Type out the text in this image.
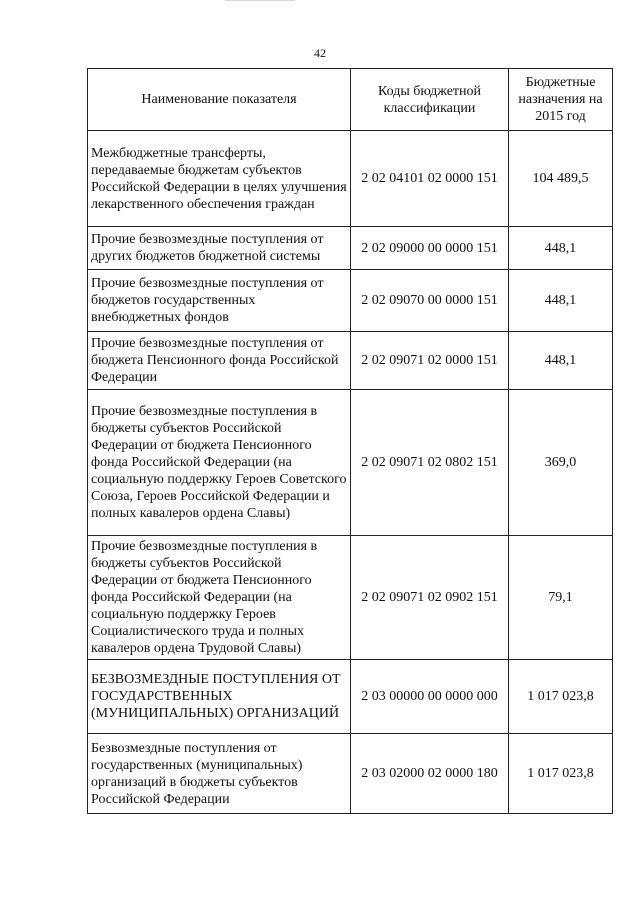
42
Наименование показателя	Коды бюджетной классификации	Бюджетные назначения на 2015 год
Межбюджетные трансферты, передаваемые бюджетам субъектов Российской Федерации в целях улучшения лекарственного обеспечения граждан	2 02 04101 02 0000 151	104 489,5
Прочие безвозмездные поступления от других бюджетов бюджетной системы	2 02 09000 00 0000 151	448,1
Прочие безвозмездные поступления от бюджетов государственных внебюджетных фондов	2 02 09070 00 0000 151	448,1
Прочие безвозмездные поступления от бюджета Пенсионного фонда Российской Федерации	2 02 09071 02 0000 151	448,1
Прочие безвозмездные поступления в бюджеты субъектов Российской Федерации от бюджета Пенсионного фонда Российской Федерации (на социальную поддержку Героев Советского Союза, Героев Российской Федерации и полных кавалеров ордена Славы)	2 02 09071 02 0802 151	369,0
Прочие безвозмездные поступления в бюджеты субъектов Российской Федерации от бюджета Пенсионного фонда Российской Федерации (на социальную поддержку Героев Социалистического труда и полных кавалеров ордена Трудовой Славы)	2 02 09071 02 0902 151	79,1
БЕЗВОЗМЕЗДНЫЕ ПОСТУПЛЕНИЯ ОТ ГОСУДАРСТВЕННЫХ (МУНИЦИПАЛЬНЫХ) ОРГАНИЗАЦИЙ	2 03 00000 00 0000 000	1 017 023,8
Безвозмездные поступления от государственных (муниципальных) организаций в бюджеты субъектов Российской Федерации	2 03 02000 02 0000 180	1 017 023,8
